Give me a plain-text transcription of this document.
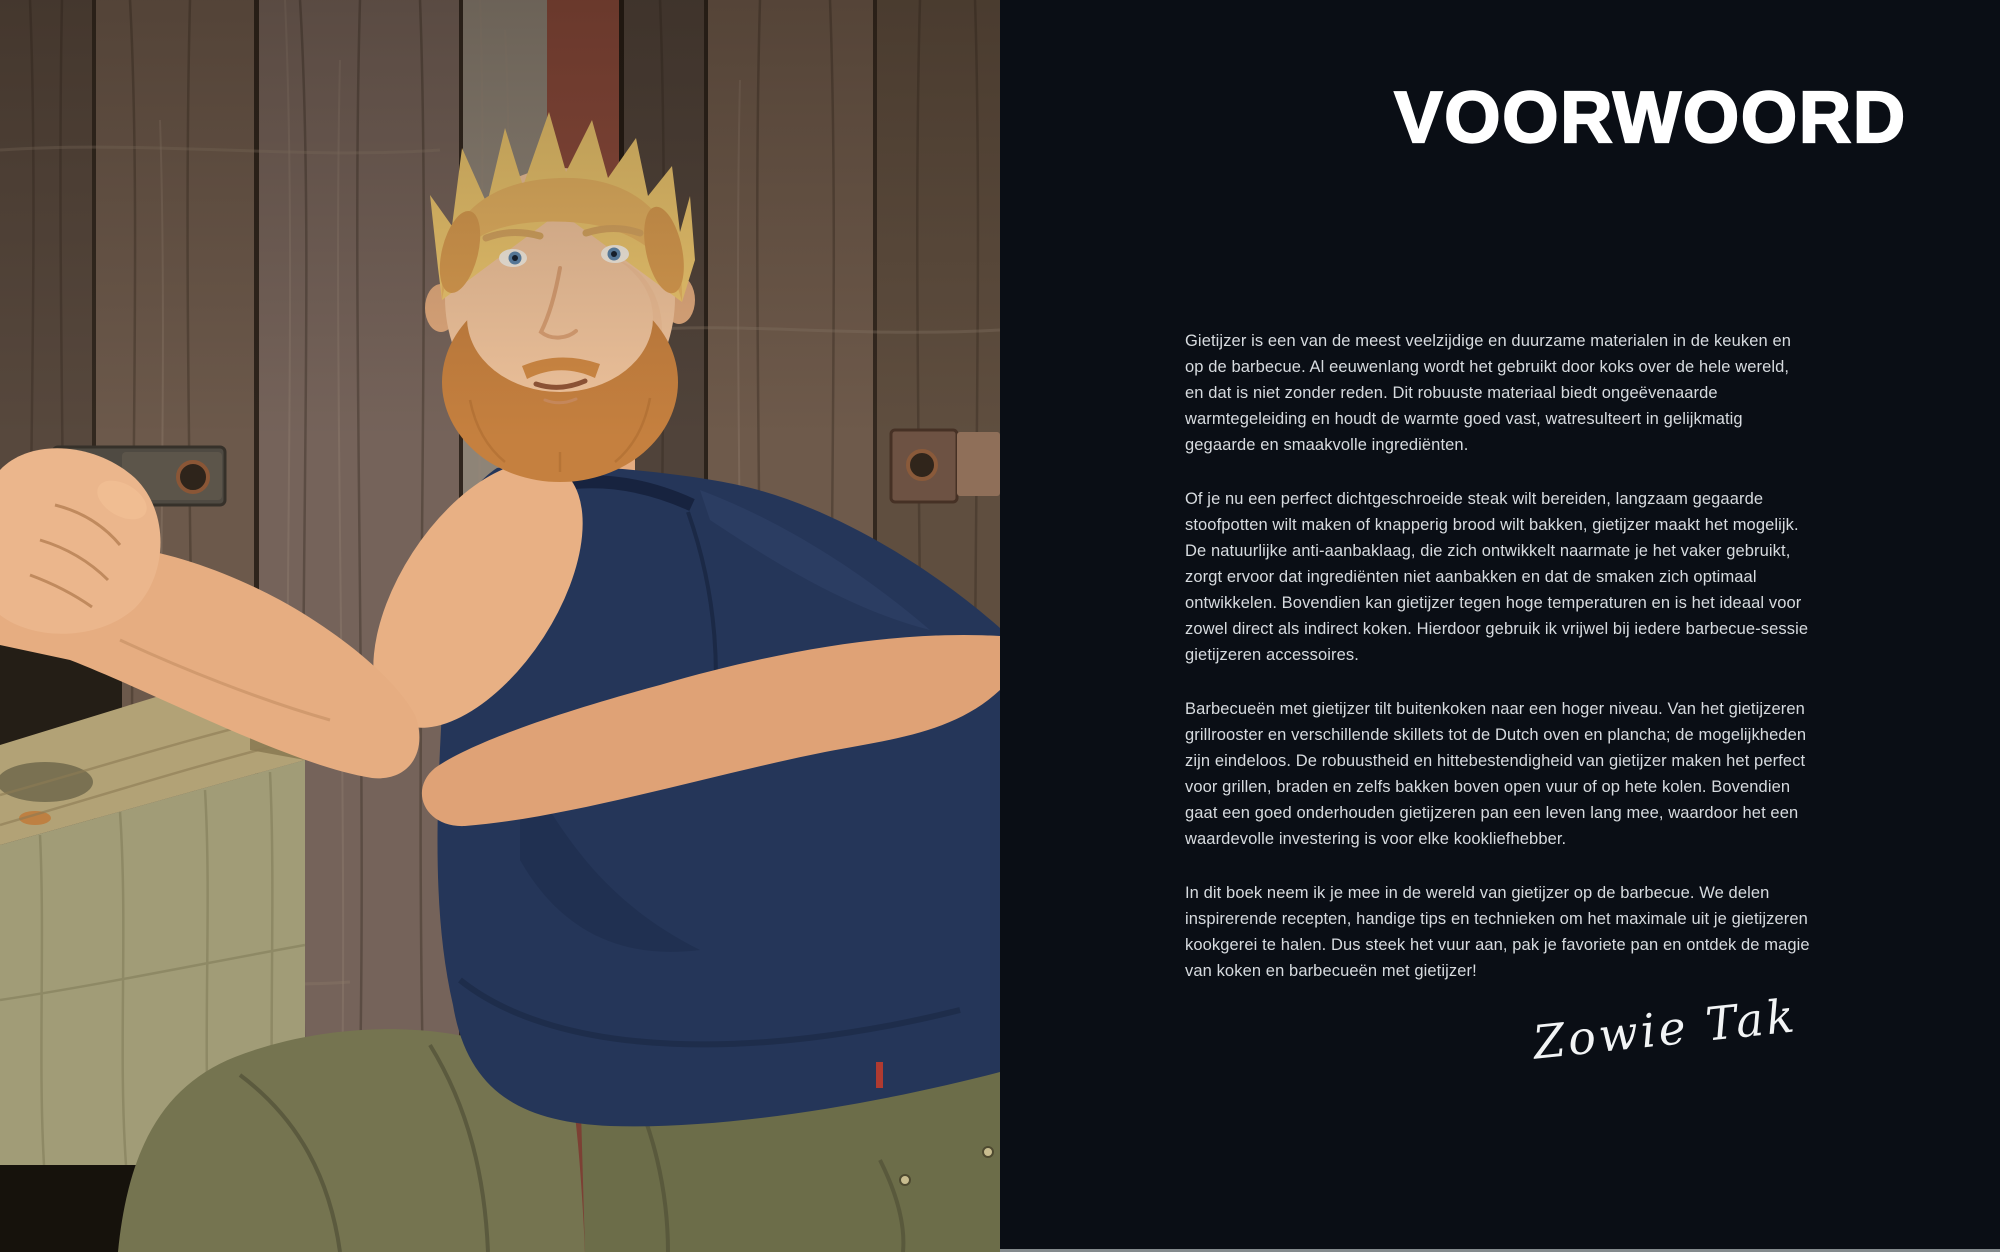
VOORWOORD

Gietijzer is een van de meest veelzijdige en duurzame materialen in de keuken en op de barbecue. Al eeuwenlang wordt het gebruikt door koks over de hele wereld, en dat is niet zonder reden. Dit robuuste materiaal biedt ongeëvenaarde warmtegeleiding en houdt de warmte goed vast, watresulteert in gelijkmatig gegaarde en smaakvolle ingrediënten.

Of je nu een perfect dichtgeschroeide steak wilt bereiden, langzaam gegaarde stoofpotten wilt maken of knapperig brood wilt bakken, gietijzer maakt het mogelijk. De natuurlijke anti-aanbaklaag, die zich ontwikkelt naarmate je het vaker gebruikt, zorgt ervoor dat ingrediënten niet aanbakken en dat de smaken zich optimaal ontwikkelen. Bovendien kan gietijzer tegen hoge temperaturen en is het ideaal voor zowel direct als indirect koken. Hierdoor gebruik ik vrijwel bij iedere barbecue-sessie gietijzeren accessoires.

Barbecueën met gietijzer tilt buitenkoken naar een hoger niveau. Van het gietijzeren grillrooster en verschillende skillets tot de Dutch oven en plancha; de mogelijkheden zijn eindeloos. De robuustheid en hittebestendigheid van gietijzer maken het perfect voor grillen, braden en zelfs bakken boven open vuur of op hete kolen. Bovendien gaat een goed onderhouden gietijzeren pan een leven lang mee, waardoor het een waardevolle investering is voor elke kookliefhebber.

In dit boek neem ik je mee in de wereld van gietijzer op de barbecue. We delen inspirerende recepten, handige tips en technieken om het maximale uit je gietijzeren kookgerei te halen. Dus steek het vuur aan, pak je favoriete pan en ontdek de magie van koken en barbecueën met gietijzer!

Zowie Tak
